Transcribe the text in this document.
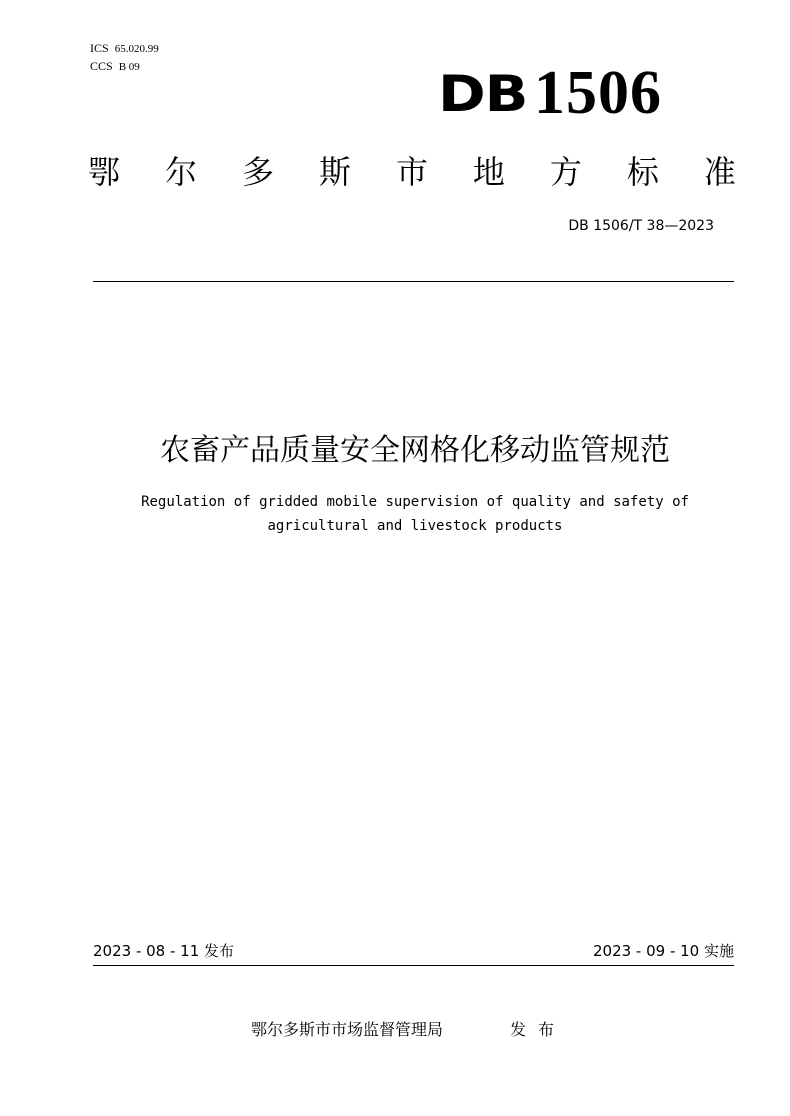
ICS 65.020.99
CCS B 09	DB 1506
鄂 尔 多 斯 市 地 方 标 准
DB 1506/T 38—2023
农畜产品质量安全网格化移动监管规范
Regulation of gridded mobile supervision of quality and safety of
agricultural and livestock products
2023 - 08 - 11 发布	2023 - 09 - 10 实施
鄂尔多斯市市场监督管理局	发布
